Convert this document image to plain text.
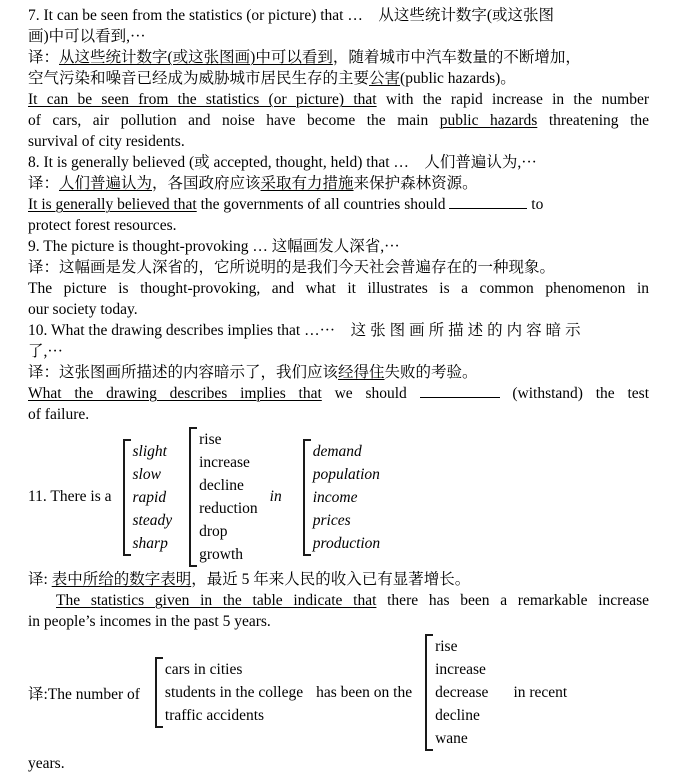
7. It can be seen from the statistics (or picture) that …    从这些统计数字(或这张图
画)中可以看到,···
译：从这些统计数字(或这张图画)中可以看到，随着城市中汽车数量的不断增加，
空气污染和噪音已经成为威胁城市居民生存的主要公害(public hazards)。
It can be seen from the statistics (or picture) that with the rapid increase in the number
of cars, air pollution and noise have become the main public hazards threatening the
survival of city residents.
8. It is generally believed (或 accepted, thought, held) that …    人们普遍认为,···
译：人们普遍认为，各国政府应该采取有力措施来保护森林资源。
It is generally believed that the governments of all countries should	to
protect forest resources.
9. The picture is thought-provoking … 这幅画发人深省,···
译：这幅画是发人深省的，它所说明的是我们今天社会普遍存在的一种现象。
The picture is thought-provoking, and what it illustrates is a common phenomenon in
our society today.
10. What the drawing describes implies that …···    这张图画所描述的内容暗示
了,···
译：这张图画所描述的内容暗示了，我们应该经得住失败的考验。
What the drawing describes implies that we should	(withstand) the test
of failure.
11. There is a
slight
slow
rapid
steady
sharp
rise
increase
decline
reduction
drop
growth
in
demand
population
income
prices
production
译: 表中所给的数字表明，最近 5 年来人民的收入已有显著增长。
The statistics given in the table indicate that there has been a remarkable increase
in people’s incomes in the past 5 years.
译:The number of
cars in cities
students in the college
traffic accidents
has been on the
rise
increase
decrease
decline
wane
in recent
years.
